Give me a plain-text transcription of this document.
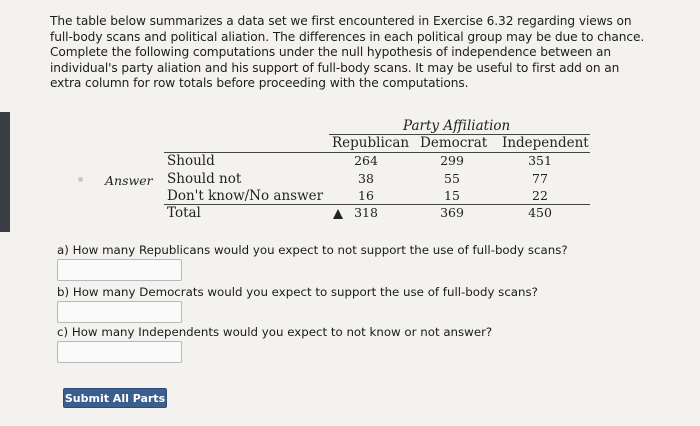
The table below summarizes a data set we first encountered in Exercise 6.32 regarding views on full-body scans and political aliation. The differences in each political group may be due to chance. Complete the following computations under the null hypothesis of independence between an individual's party aliation and his support of full-body scans. It may be useful to first add on an extra column for row totals before proceeding with the computations.
Party Affiliation
Republican Democrat Independent
Answer
Should	264	299	351
Should not	38	55	77
Don't know/No answer	16	15	22
Total	318	369	450
a) How many Republicans would you expect to not support the use of full-body scans?
b) How many Democrats would you expect to support the use of full-body scans?
c) How many Independents would you expect to not know or not answer?
Submit All Parts
